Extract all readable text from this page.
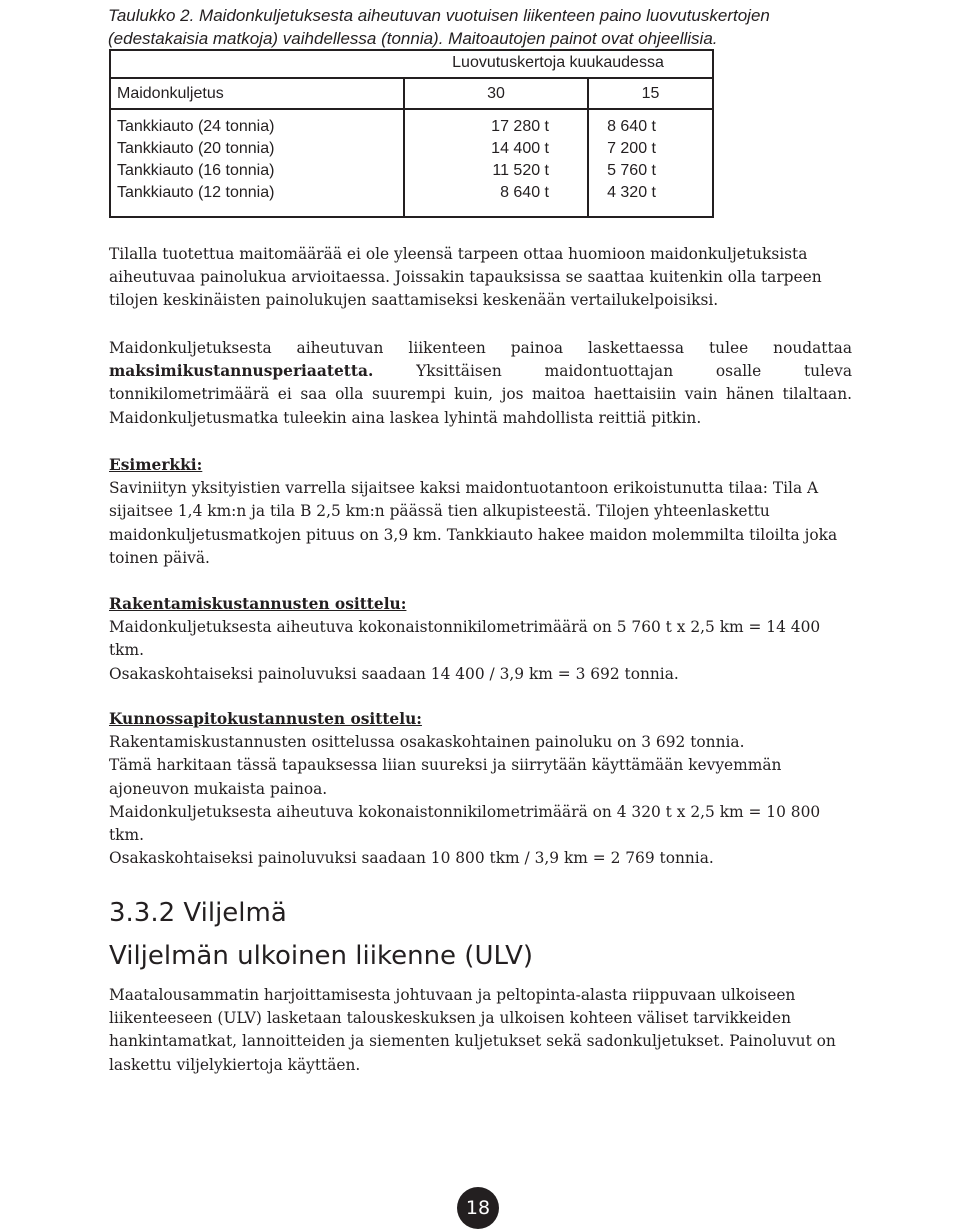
Taulukko 2. Maidonkuljetuksesta aiheutuvan vuotuisen liikenteen paino luovutuskertojen (edestakaisia matkoja) vaihdellessa (tonnia). Maitoautojen painot ovat ohjeellisia.

	Luovutuskertoja kuukaudessa	
Maidonkuljetus	30	15
Tankkiauto (24 tonnia)	17 280 t	8 640 t
Tankkiauto (20 tonnia)	14 400 t	7 200 t
Tankkiauto (16 tonnia)	11 520 t	5 760 t
Tankkiauto (12 tonnia)	8 640 t	4 320 t

Tilalla tuotettua maitomäärää ei ole yleensä tarpeen ottaa huomioon maidonkuljetuksista aiheutuvaa painolukua arvioitaessa. Joissakin tapauksissa se saattaa kuitenkin olla tarpeen tilojen keskinäisten painolukujen saattamiseksi keskenään vertailukelpoisiksi.

Maidonkuljetuksesta aiheutuvan liikenteen painoa laskettaessa tulee noudattaa maksimikustannusperiaatetta. Yksittäisen maidontuottajan osalle tuleva tonnikilometrimäärä ei saa olla suurempi kuin, jos maitoa haettaisiin vain hänen tilaltaan. Maidonkuljetusmatka tuleekin aina laskea lyhintä mahdollista reittiä pitkin.

Esimerkki:
Saviniityn yksityistien varrella sijaitsee kaksi maidontuotantoon erikoistunutta tilaa: Tila A sijaitsee 1,4 km:n ja tila B 2,5 km:n päässä tien alkupisteestä. Tilojen yhteenlaskettu maidonkuljetusmatkojen pituus on 3,9 km. Tankkiauto hakee maidon molemmilta tiloilta joka toinen päivä.
Rakentamiskustannusten osittelu:
Maidonkuljetuksesta aiheutuva kokonaistonnikilometrimäärä on 5 760 t x 2,5 km = 14 400 tkm.
Osakaskohtaiseksi painoluvuksi saadaan 14 400 / 3,9 km = 3 692 tonnia.
Kunnossapitokustannusten osittelu:
Rakentamiskustannusten osittelussa osakaskohtainen painoluku on 3 692 tonnia.
Tämä harkitaan tässä tapauksessa liian suureksi ja siirrytään käyttämään kevyemmän ajoneuvon mukaista painoa.
Maidonkuljetuksesta aiheutuva kokonaistonnikilometrimäärä on 4 320 t x 2,5 km = 10 800 tkm.
Osakaskohtaiseksi painoluvuksi saadaan 10 800 tkm / 3,9 km = 2 769 tonnia.
3.3.2 Viljelmä
Viljelmän ulkoinen liikenne (ULV)

Maatalousammatin harjoittamisesta johtuvaan ja peltopinta-alasta riippuvaan ulkoiseen liikenteeseen (ULV) lasketaan talouskeskuksen ja ulkoisen kohteen väliset tarvikkeiden hankintamatkat, lannoitteiden ja siementen kuljetukset sekä sadonkuljetukset. Painoluvut on laskettu viljelykiertoja käyttäen.

18
